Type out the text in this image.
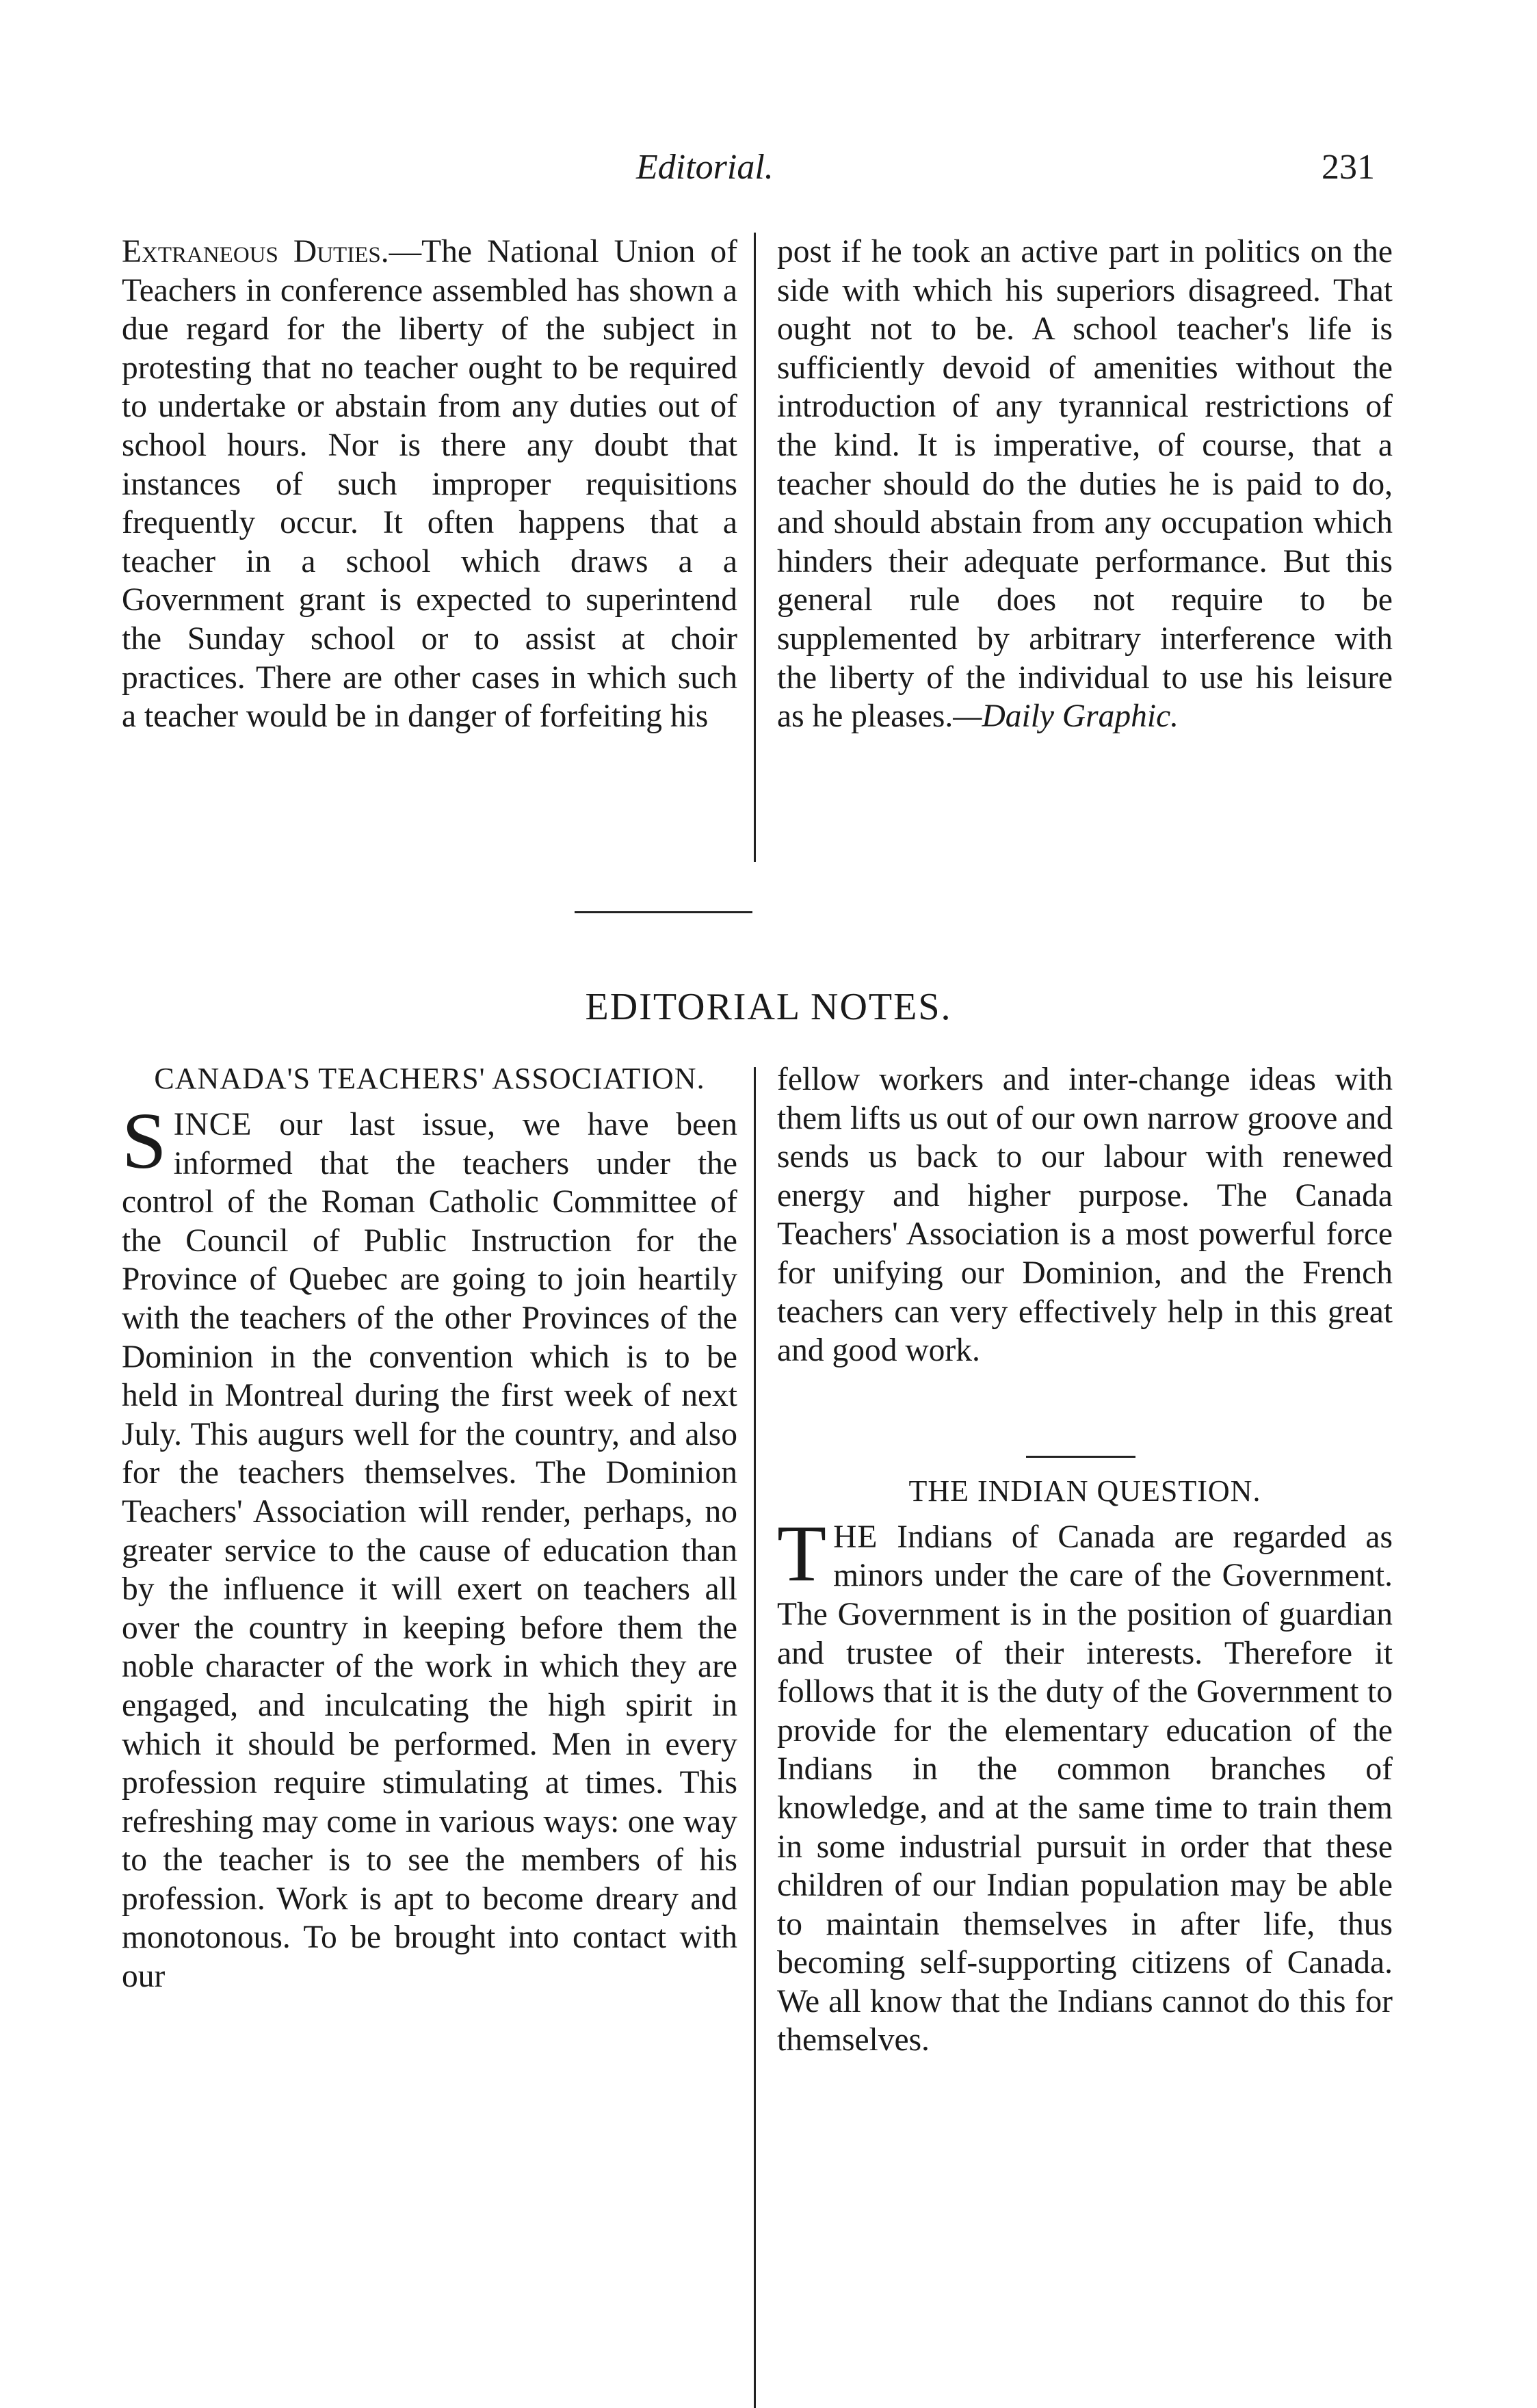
Editorial.	231

Extraneous Duties.—The National Union of Teachers in conference assembled has shown a due regard for the liberty of the subject in protesting that no teacher ought to be required to undertake or abstain from any duties out of school hours. Nor is there any doubt that instances of such improper requisitions frequently occur. It often happens that a teacher in a school which draws a a Government grant is expected to superintend the Sunday school or to assist at choir practices. There are other cases in which such a teacher would be in danger of forfeiting his

post if he took an active part in politics on the side with which his superiors disagreed. That ought not to be. A school teacher's life is sufficiently devoid of amenities without the introduction of any tyrannical restrictions of the kind. It is imperative, of course, that a teacher should do the duties he is paid to do, and should abstain from any occupation which hinders their adequate performance. But this general rule does not require to be supplemented by arbitrary interference with the liberty of the individual to use his leisure as he pleases.—Daily Graphic.

EDITORIAL NOTES.
CANADA'S TEACHERS' ASSOCIATION.

SINCE our last issue, we have been informed that the teachers under the control of the Roman Catholic Committee of the Council of Public Instruction for the Province of Quebec are going to join heartily with the teachers of the other Provinces of the Dominion in the convention which is to be held in Montreal during the first week of next July. This augurs well for the country, and also for the teachers themselves. The Dominion Teachers' Association will render, perhaps, no greater service to the cause of education than by the influence it will exert on teachers all over the country in keeping before them the noble character of the work in which they are engaged, and inculcating the high spirit in which it should be performed. Men in every profession require stimulating at times. This refreshing may come in various ways: one way to the teacher is to see the members of his profession. Work is apt to become dreary and monotonous. To be brought into contact with our

fellow workers and inter-change ideas with them lifts us out of our own narrow groove and sends us back to our labour with renewed energy and higher purpose. The Canada Teachers' Association is a most powerful force for unifying our Dominion, and the French teachers can very effectively help in this great and good work.

THE INDIAN QUESTION.

THE Indians of Canada are regarded as minors under the care of the Government. The Government is in the position of guardian and trustee of their interests. Therefore it follows that it is the duty of the Government to provide for the elementary education of the Indians in the common branches of knowledge, and at the same time to train them in some industrial pursuit in order that these children of our Indian population may be able to maintain themselves in after life, thus becoming self-supporting citizens of Canada. We all know that the Indians cannot do this for themselves.
